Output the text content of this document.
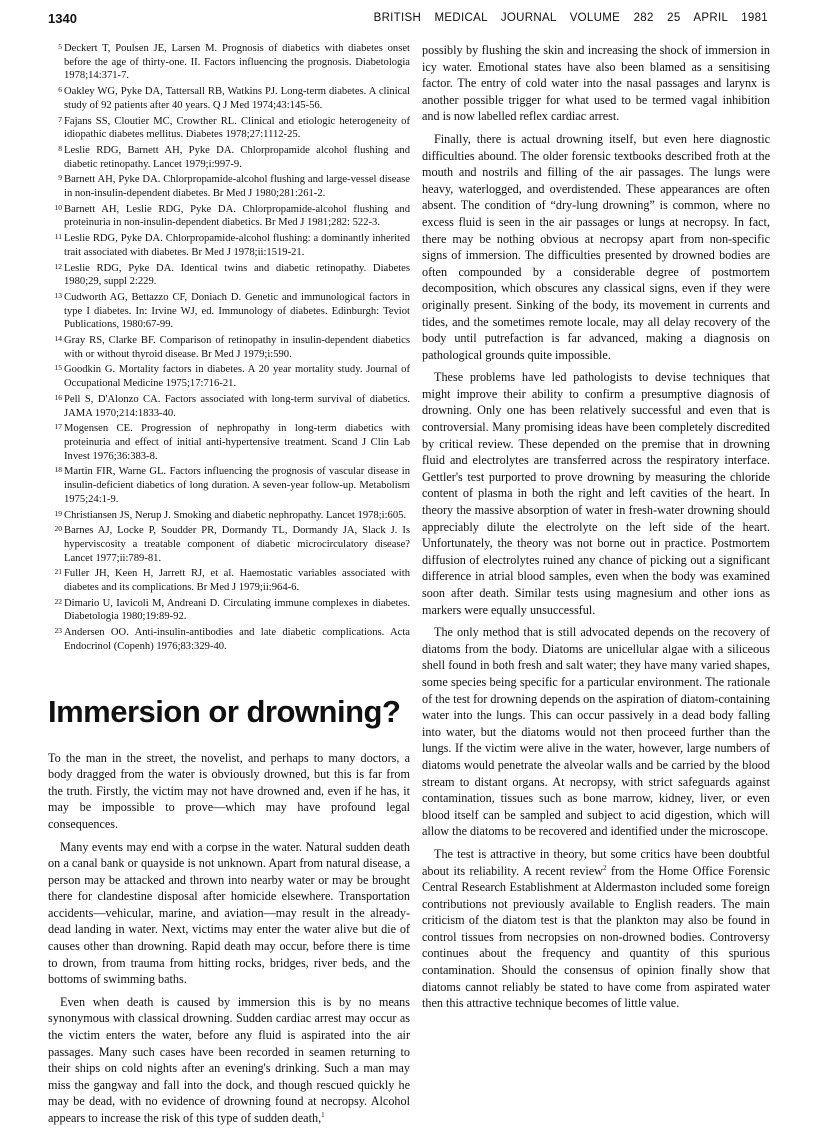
1340	BRITISH MEDICAL JOURNAL VOLUME 282 25 APRIL 1981
5 Deckert T, Poulsen JE, Larsen M. Prognosis of diabetics with diabetes onset before the age of thirty-one. II. Factors influencing the prognosis. Diabetologia 1978;14:371-7.
6 Oakley WG, Pyke DA, Tattersall RB, Watkins PJ. Long-term diabetes. A clinical study of 92 patients after 40 years. Q J Med 1974;43:145-56.
7 Fajans SS, Cloutier MC, Crowther RL. Clinical and etiologic heterogeneity of idiopathic diabetes mellitus. Diabetes 1978;27:1112-25.
8 Leslie RDG, Barnett AH, Pyke DA. Chlorpropamide alcohol flushing and diabetic retinopathy. Lancet 1979;i:997-9.
9 Barnett AH, Pyke DA. Chlorpropamide-alcohol flushing and large-vessel disease in non-insulin-dependent diabetes. Br Med J 1980;281:261-2.
10 Barnett AH, Leslie RDG, Pyke DA. Chlorpropamide-alcohol flushing and proteinuria in non-insulin-dependent diabetics. Br Med J 1981;282: 522-3.
11 Leslie RDG, Pyke DA. Chlorpropamide-alcohol flushing: a dominantly inherited trait associated with diabetes. Br Med J 1978;ii:1519-21.
12 Leslie RDG, Pyke DA. Identical twins and diabetic retinopathy. Diabetes 1980;29, suppl 2:229.
13 Cudworth AG, Bettazzo CF, Doniach D. Genetic and immunological factors in type I diabetes. In: Irvine WJ, ed. Immunology of diabetes. Edinburgh: Teviot Publications, 1980:67-99.
14 Gray RS, Clarke BF. Comparison of retinopathy in insulin-dependent diabetics with or without thyroid disease. Br Med J 1979;i:590.
15 Goodkin G. Mortality factors in diabetes. A 20 year mortality study. Journal of Occupational Medicine 1975;17:716-21.
16 Pell S, D'Alonzo CA. Factors associated with long-term survival of diabetics. JAMA 1970;214:1833-40.
17 Mogensen CE. Progression of nephropathy in long-term diabetics with proteinuria and effect of initial anti-hypertensive treatment. Scand J Clin Lab Invest 1976;36:383-8.
18 Martin FIR, Warne GL. Factors influencing the prognosis of vascular disease in insulin-deficient diabetics of long duration. A seven-year follow-up. Metabolism 1975;24:1-9.
19 Christiansen JS, Nerup J. Smoking and diabetic nephropathy. Lancet 1978;i:605.
20 Barnes AJ, Locke P, Soudder PR, Dormandy TL, Dormandy JA, Slack J. Is hyperviscosity a treatable component of diabetic microcirculatory disease? Lancet 1977;ii:789-81.
21 Fuller JH, Keen H, Jarrett RJ, et al. Haemostatic variables associated with diabetes and its complications. Br Med J 1979;ii:964-6.
22 Dimario U, Iavicoli M, Andreani D. Circulating immune complexes in diabetes. Diabetologia 1980;19:89-92.
23 Andersen OO. Anti-insulin-antibodies and late diabetic complications. Acta Endocrinol (Copenh) 1976;83:329-40.
Immersion or drowning?

To the man in the street, the novelist, and perhaps to many doctors, a body dragged from the water is obviously drowned, but this is far from the truth. Firstly, the victim may not have drowned and, even if he has, it may be impossible to prove—which may have profound legal consequences.

Many events may end with a corpse in the water. Natural sudden death on a canal bank or quayside is not unknown. Apart from natural disease, a person may be attacked and thrown into nearby water or may be brought there for clandestine disposal after homicide elsewhere. Transportation accidents—vehicular, marine, and aviation—may result in the already-dead landing in water. Next, victims may enter the water alive but die of causes other than drowning. Rapid death may occur, before there is time to drown, from trauma from hitting rocks, bridges, river beds, and the bottoms of swimming baths.

Even when death is caused by immersion this is by no means synonymous with classical drowning. Sudden cardiac arrest may occur as the victim enters the water, before any fluid is aspirated into the air passages. Many such cases have been recorded in seamen returning to their ships on cold nights after an evening's drinking. Such a man may miss the gangway and fall into the dock, and though rescued quickly he may be dead, with no evidence of drowning found at necropsy. Alcohol appears to increase the risk of this type of sudden death,$^1$

possibly by flushing the skin and increasing the shock of immersion in icy water. Emotional states have also been blamed as a sensitising factor. The entry of cold water into the nasal passages and larynx is another possible trigger for what used to be termed vagal inhibition and is now labelled reflex cardiac arrest.

Finally, there is actual drowning itself, but even here diagnostic difficulties abound. The older forensic textbooks described froth at the mouth and nostrils and filling of the air passages. The lungs were heavy, waterlogged, and overdistended. These appearances are often absent. The condition of “dry-lung drowning” is common, where no excess fluid is seen in the air passages or lungs at necropsy. In fact, there may be nothing obvious at necropsy apart from non-specific signs of immersion. The difficulties presented by drowned bodies are often compounded by a considerable degree of postmortem decomposition, which obscures any classical signs, even if they were originally present. Sinking of the body, its movement in currents and tides, and the sometimes remote locale, may all delay recovery of the body until putrefaction is far advanced, making a diagnosis on pathological grounds quite impossible.

These problems have led pathologists to devise techniques that might improve their ability to confirm a presumptive diagnosis of drowning. Only one has been relatively successful and even that is controversial. Many promising ideas have been completely discredited by critical review. These depended on the premise that in drowning fluid and electrolytes are transferred across the respiratory interface. Gettler's test purported to prove drowning by measuring the chloride content of plasma in both the right and left cavities of the heart. In theory the massive absorption of water in fresh-water drowning should appreciably dilute the electrolyte on the left side of the heart. Unfortunately, the theory was not borne out in practice. Postmortem diffusion of electrolytes ruined any chance of picking out a significant difference in atrial blood samples, even when the body was examined soon after death. Similar tests using magnesium and other ions as markers were equally unsuccessful.

The only method that is still advocated depends on the recovery of diatoms from the body. Diatoms are unicellular algae with a siliceous shell found in both fresh and salt water; they have many varied shapes, some species being specific for a particular environment. The rationale of the test for drowning depends on the aspiration of diatom-containing water into the lungs. This can occur passively in a dead body falling into water, but the diatoms would not then proceed further than the lungs. If the victim were alive in the water, however, large numbers of diatoms would penetrate the alveolar walls and be carried by the blood stream to distant organs. At necropsy, with strict safeguards against contamination, tissues such as bone marrow, kidney, liver, or even blood itself can be sampled and subject to acid digestion, which will allow the diatoms to be recovered and identified under the microscope.

The test is attractive in theory, but some critics have been doubtful about its reliability. A recent review$^2$ from the Home Office Forensic Central Research Establishment at Aldermaston included some foreign contributions not previously available to English readers. The main criticism of the diatom test is that the plankton may also be found in control tissues from necropsies on non-drowned bodies. Controversy continues about the frequency and quantity of this spurious contamination. Should the consensus of opinion finally show that diatoms cannot reliably be stated to have come from aspirated water then this attractive technique becomes of little value.
